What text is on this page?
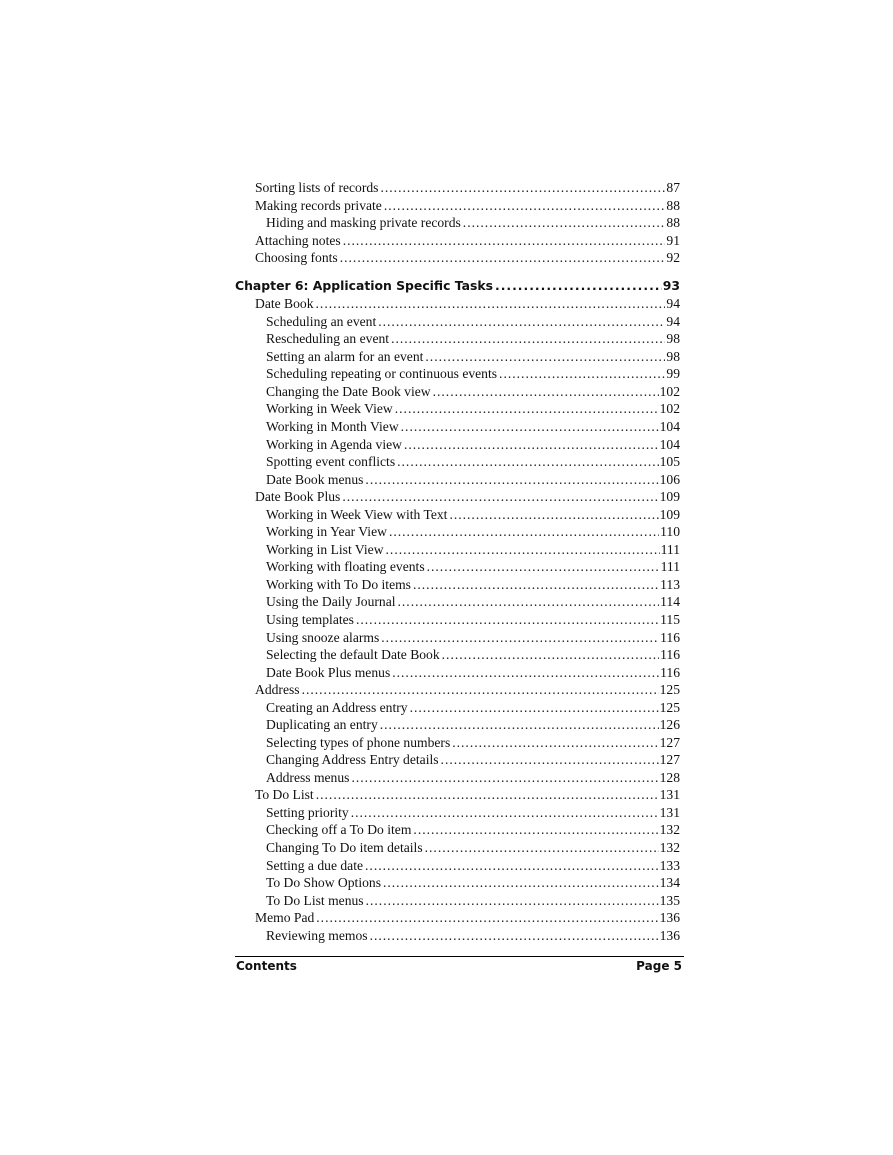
Sorting lists of records .....	87
Making records private .....	88
Hiding and masking private records .....	88
Attaching notes .....	91
Choosing fonts .....	92
Chapter 6: Application Specific Tasks .....	93
Date Book .....	94
Scheduling an event .....	94
Rescheduling an event .....	98
Setting an alarm for an event .....	98
Scheduling repeating or continuous events .....	99
Changing the Date Book view .....	102
Working in Week View .....	102
Working in Month View .....	104
Working in Agenda view .....	104
Spotting event conflicts .....	105
Date Book menus .....	106
Date Book Plus .....	109
Working in Week View with Text .....	109
Working in Year View .....	110
Working in List View .....	111
Working with floating events .....	111
Working with To Do items .....	113
Using the Daily Journal .....	114
Using templates .....	115
Using snooze alarms .....	116
Selecting the default Date Book .....	116
Date Book Plus menus .....	116
Address .....	125
Creating an Address entry .....	125
Duplicating an entry .....	126
Selecting types of phone numbers .....	127
Changing Address Entry details .....	127
Address menus .....	128
To Do List .....	131
Setting priority .....	131
Checking off a To Do item .....	132
Changing To Do item details .....	132
Setting a due date .....	133
To Do Show Options .....	134
To Do List menus .....	135
Memo Pad .....	136
Reviewing memos .....	136
Contents	Page 5
